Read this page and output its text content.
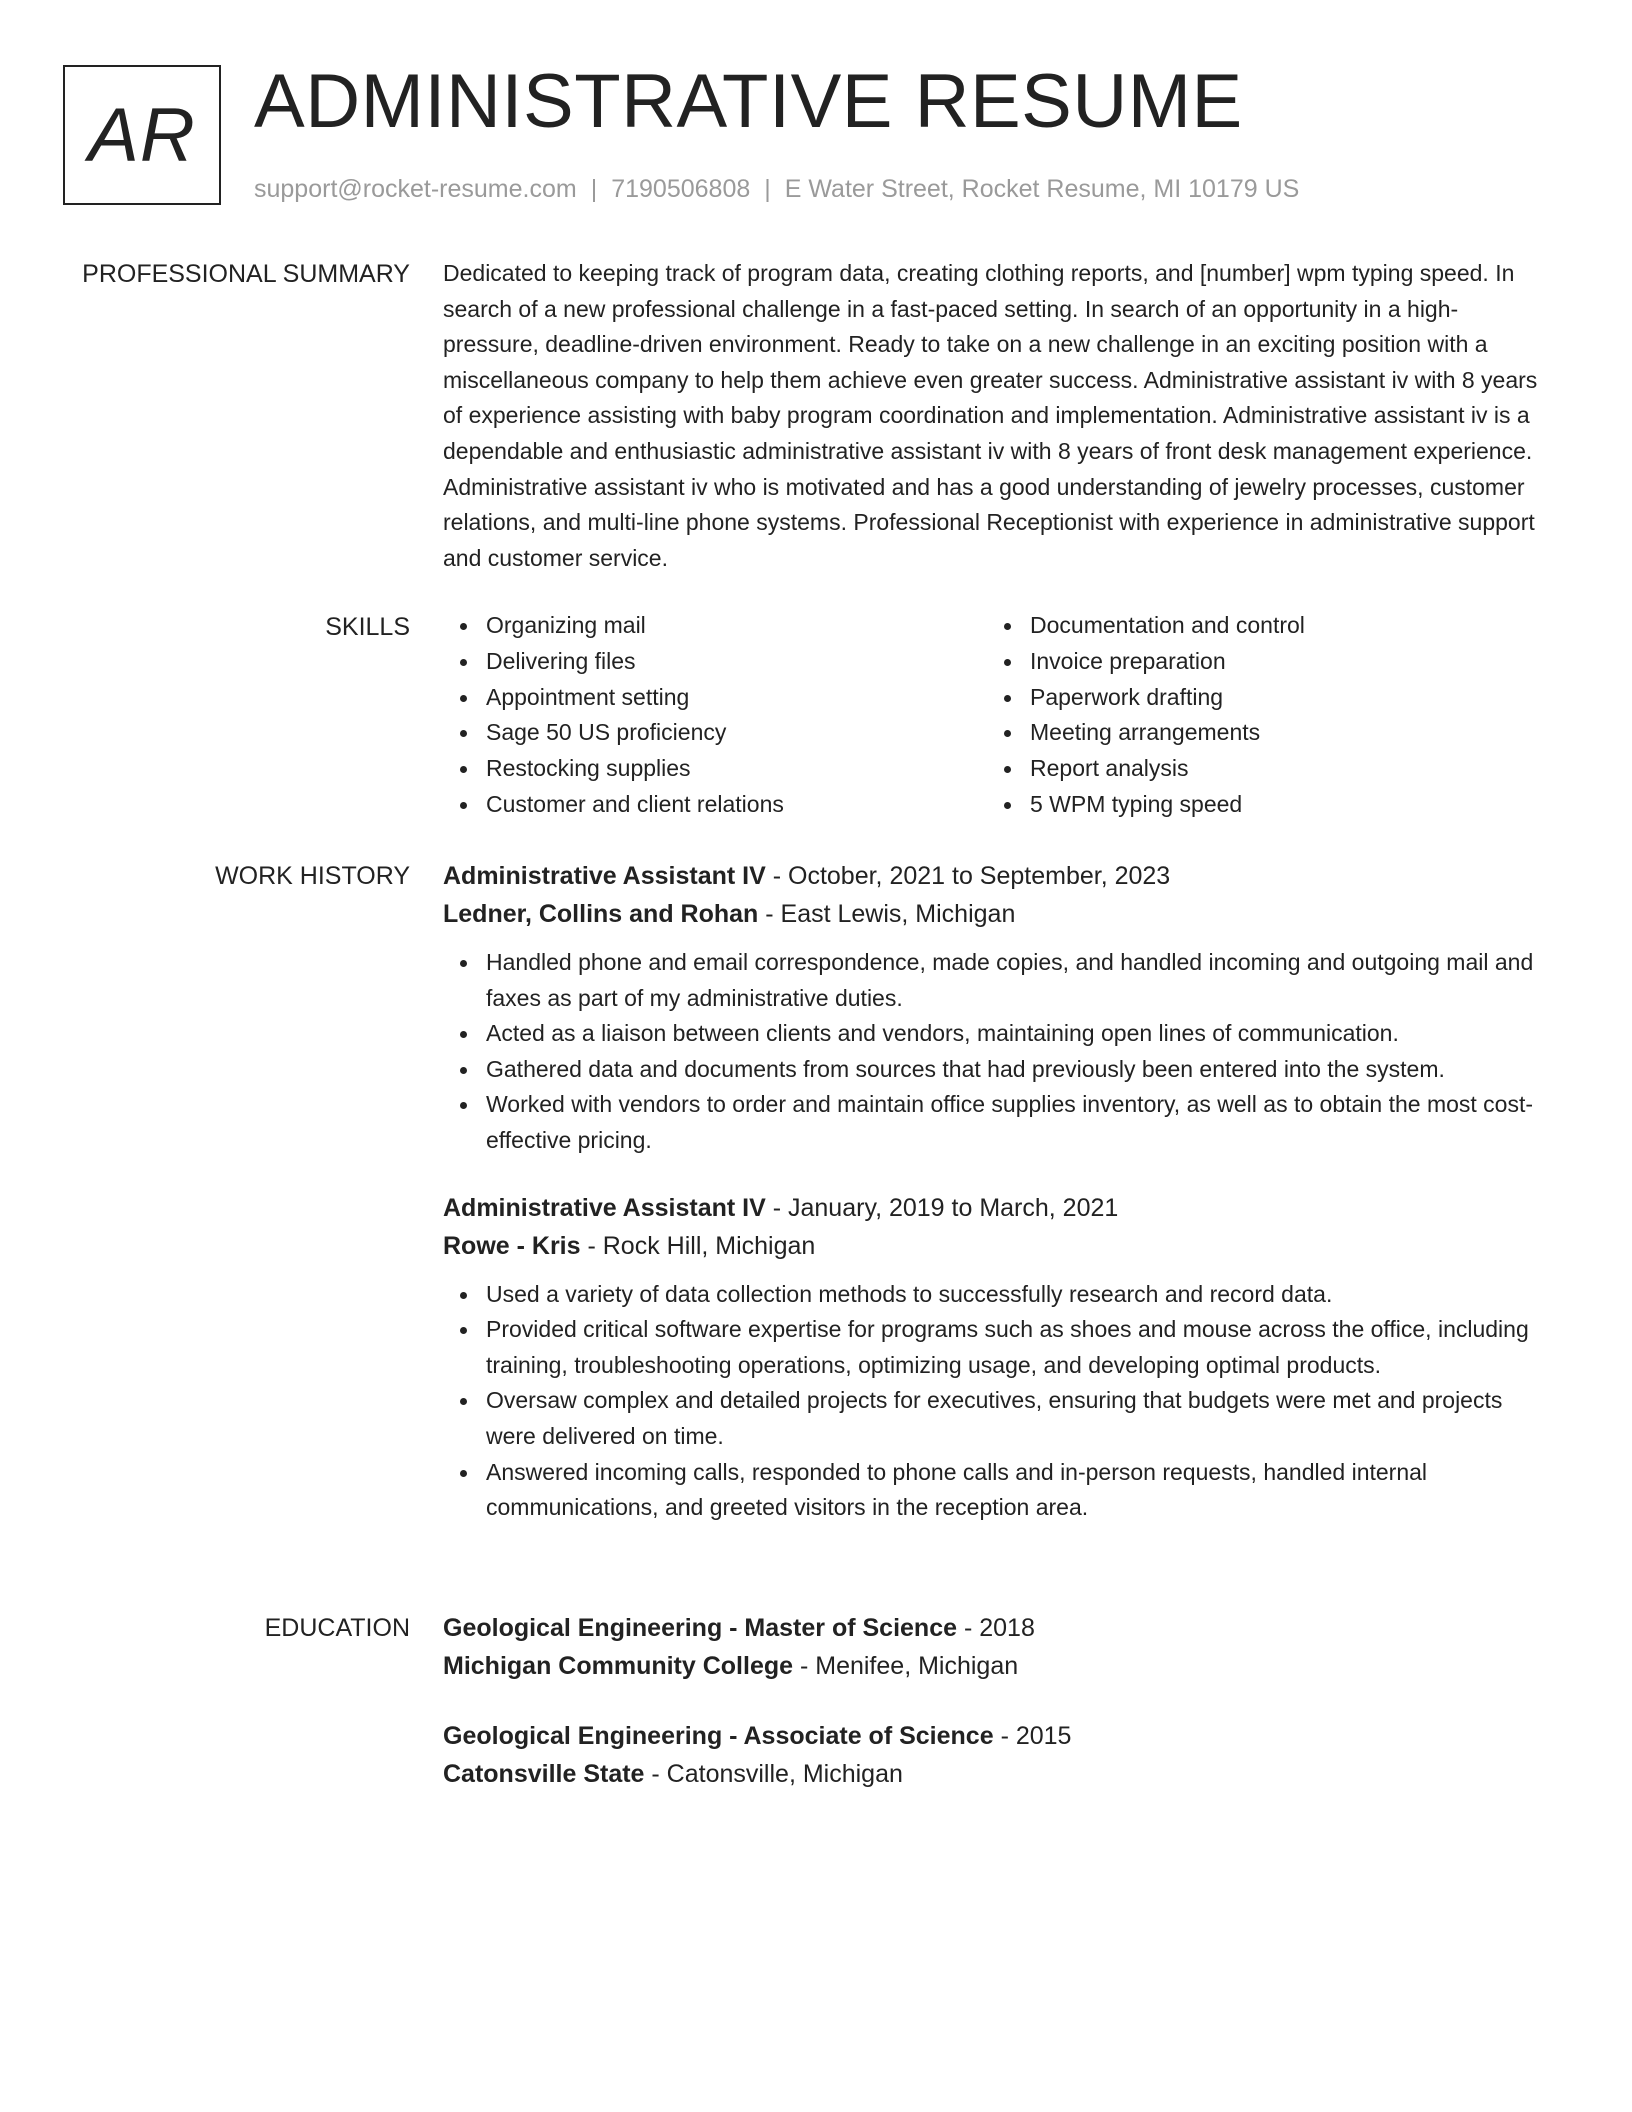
AR ADMINISTRATIVE RESUME
support@rocket-resume.com | 7190506808 | E Water Street, Rocket Resume, MI 10179 US
PROFESSIONAL SUMMARY Dedicated to keeping track of program data, creating clothing reports, and [number] wpm typing speed. In search of a new professional challenge in a fast-paced setting. In search of an opportunity in a high-pressure, deadline-driven environment. Ready to take on a new challenge in an exciting position with a miscellaneous company to help them achieve even greater success. Administrative assistant iv with 8 years of experience assisting with baby program coordination and implementation. Administrative assistant iv is a dependable and enthusiastic administrative assistant iv with 8 years of front desk management experience. Administrative assistant iv who is motivated and has a good understanding of jewelry processes, customer relations, and multi-line phone systems. Professional Receptionist with experience in administrative support and customer service.

SKILLS	Organizing mail	Documentation and control
Delivering files	Invoice preparation
Appointment setting	Paperwork drafting
Sage 50 US proficiency	Meeting arrangements
Restocking supplies	Report analysis
Customer and client relations	5 WPM typing speed
WORK HISTORY Administrative Assistant IV - October, 2021 to September, 2023
Ledner, Collins and Rohan - East Lewis, Michigan
Handled phone and email correspondence, made copies, and handled incoming and outgoing mail and faxes as part of my administrative duties.
Acted as a liaison between clients and vendors, maintaining open lines of communication.
Gathered data and documents from sources that had previously been entered into the system.
Worked with vendors to order and maintain office supplies inventory, as well as to obtain the most cost-effective pricing.
Administrative Assistant IV - January, 2019 to March, 2021
Rowe - Kris - Rock Hill, Michigan
Used a variety of data collection methods to successfully research and record data.
Provided critical software expertise for programs such as shoes and mouse across the office, including training, troubleshooting operations, optimizing usage, and developing optimal products.
Oversaw complex and detailed projects for executives, ensuring that budgets were met and projects were delivered on time.
Answered incoming calls, responded to phone calls and in-person requests, handled internal communications, and greeted visitors in the reception area.
EDUCATION Geological Engineering - Master of Science - 2018
Michigan Community College - Menifee, Michigan
Geological Engineering - Associate of Science - 2015
Catonsville State - Catonsville, Michigan
